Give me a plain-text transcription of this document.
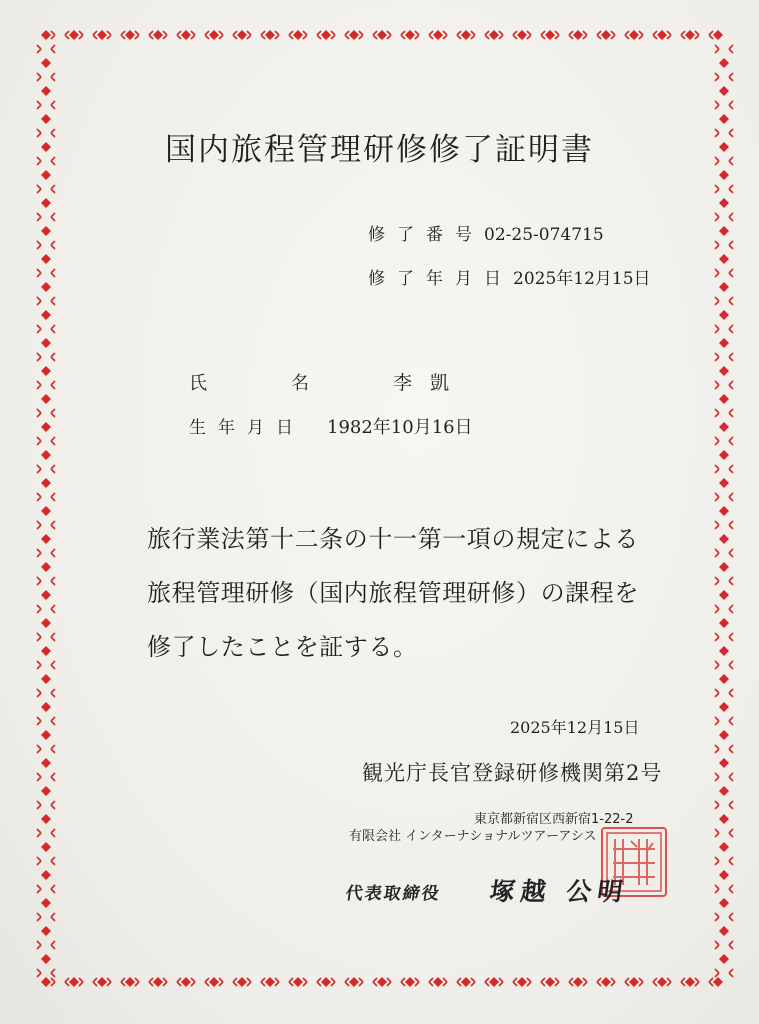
国内旅程管理研修修了証明書
修了番号02-25-074715
修了年月日2025年12月15日
氏名李 凱
生年月日 1982年10月16日
旅行業法第十二条の十一第一項の規定による
旅程管理研修（国内旅程管理研修）の課程を
修了したことを証する。
2025年12月15日
観光庁長官登録研修機関第2号
東京都新宿区西新宿1-22-2
有限会社 インターナショナルツアーアシス
代表取締役 塚越 公明
